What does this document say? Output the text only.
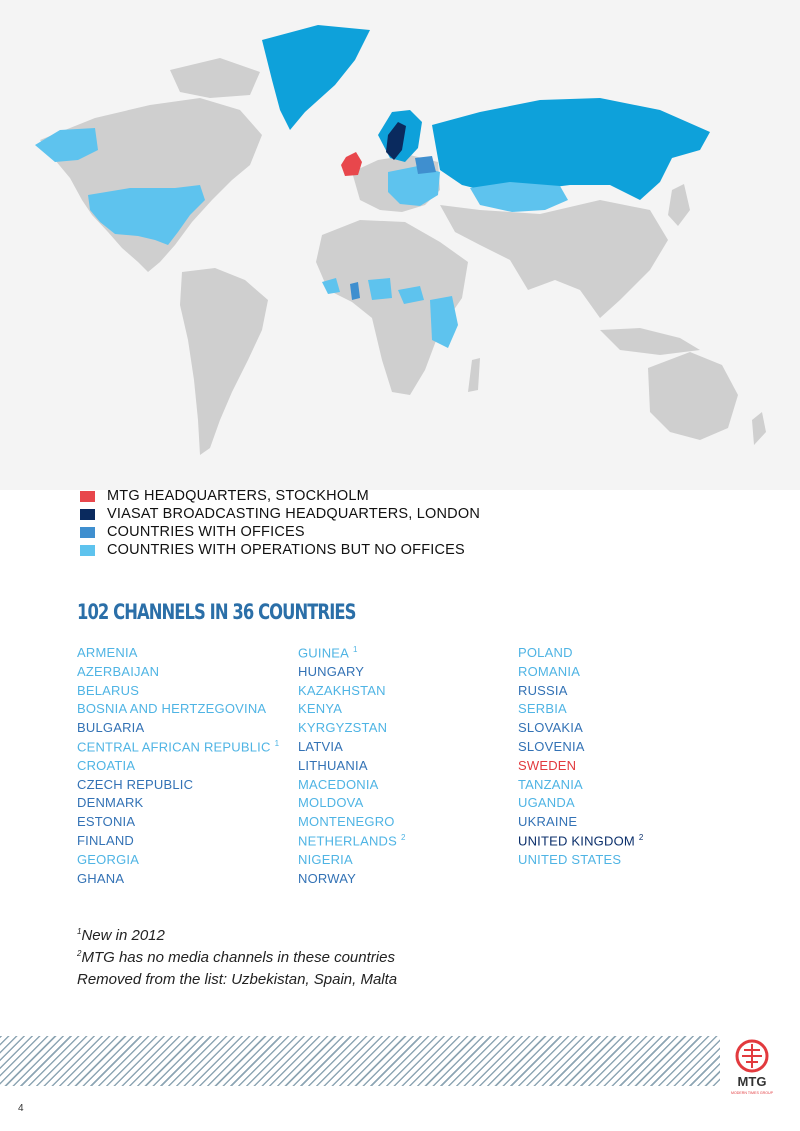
MTG HEADQUARTERS, STOCKHOLM
VIASAT BROADCASTING HEADQUARTERS, LONDON
COUNTRIES WITH OFFICES
COUNTRIES WITH OPERATIONS BUT NO OFFICES
102 CHANNELS IN 36 COUNTRIES
ARMENIA
AZERBAIJAN
BELARUS
BOSNIA AND HERTZEGOVINA
BULGARIA
CENTRAL AFRICAN REPUBLIC $^1$
CROATIA
CZECH REPUBLIC
DENMARK
ESTONIA
FINLAND
GEORGIA
GHANA
GUINEA $^1$
HUNGARY
KAZAKHSTAN
KENYA
KYRGYZSTAN
LATVIA
LITHUANIA
MACEDONIA
MOLDOVA
MONTENEGRO
NETHERLANDS $^2$
NIGERIA
NORWAY
POLAND
ROMANIA
RUSSIA
SERBIA
SLOVAKIA
SLOVENIA
SWEDEN
TANZANIA
UGANDA
UKRAINE
UNITED KINGDOM $^2$
UNITED STATES
$^1$New in 2012
$^2$MTG has no media channels in these countries
Removed from the list: Uzbekistan, Spain, Malta
MTG
MODERN TIMES GROUP
4
